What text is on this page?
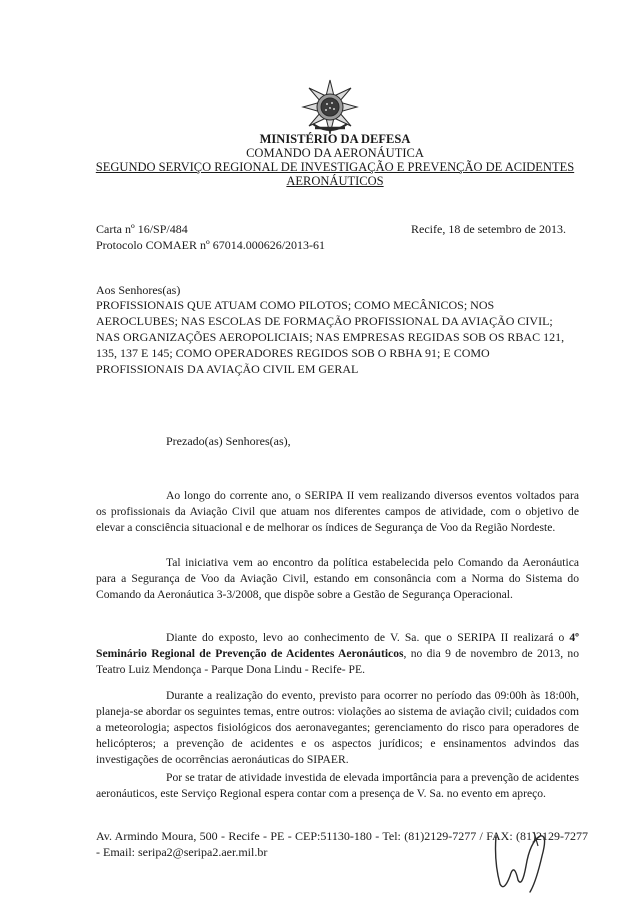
MINISTÉRIO DA DEFESA
COMANDO DA AERONÁUTICA
SEGUNDO SERVIÇO REGIONAL DE INVESTIGAÇÃO E PREVENÇÃO DE ACIDENTES
AERONÁUTICOS
Carta nº 16/SP/484	Recife, 18 de setembro de 2013.
Protocolo COMAER nº 67014.000626/2013-61
Aos Senhores(as)
PROFISSIONAIS QUE ATUAM COMO PILOTOS; COMO MECÂNICOS; NOS AEROCLUBES; NAS ESCOLAS DE FORMAÇÃO PROFISSIONAL DA AVIAÇÃO CIVIL; NAS ORGANIZAÇÕES AEROPOLICIAIS; NAS EMPRESAS REGIDAS SOB OS RBAC 121, 135, 137 E 145; COMO OPERADORES REGIDOS SOB O RBHA 91; E COMO PROFISSIONAIS DA AVIAÇÃO CIVIL EM GERAL
Prezado(as) Senhores(as),
Ao longo do corrente ano, o SERIPA II vem realizando diversos eventos voltados para os profissionais da Aviação Civil que atuam nos diferentes campos de atividade, com o objetivo de elevar a consciência situacional e de melhorar os índices de Segurança de Voo da Região Nordeste.
Tal iniciativa vem ao encontro da política estabelecida pelo Comando da Aeronáutica para a Segurança de Voo da Aviação Civil, estando em consonância com a Norma do Sistema do Comando da Aeronáutica 3-3/2008, que dispõe sobre a Gestão de Segurança Operacional.
Diante do exposto, levo ao conhecimento de V. Sa. que o SERIPA II realizará o 4º Seminário Regional de Prevenção de Acidentes Aeronáuticos, no dia 9 de novembro de 2013, no Teatro Luiz Mendonça - Parque Dona Lindu - Recife- PE.
Durante a realização do evento, previsto para ocorrer no período das 09:00h às 18:00h, planeja-se abordar os seguintes temas, entre outros: violações ao sistema de aviação civil; cuidados com a meteorologia; aspectos fisiológicos dos aeronavegantes; gerenciamento do risco para operadores de helicópteros; a prevenção de acidentes e os aspectos jurídicos; e ensinamentos advindos das investigações de ocorrências aeronáuticas do SIPAER.
Por se tratar de atividade investida de elevada importância para a prevenção de acidentes aeronáuticos, este Serviço Regional espera contar com a presença de V. Sa. no evento em apreço.
Av. Armindo Moura, 500 - Recife - PE - CEP:51130-180 - Tel: (81)2129-7277 / FAX: (81)2129-7277 - Email: seripa2@seripa2.aer.mil.br
